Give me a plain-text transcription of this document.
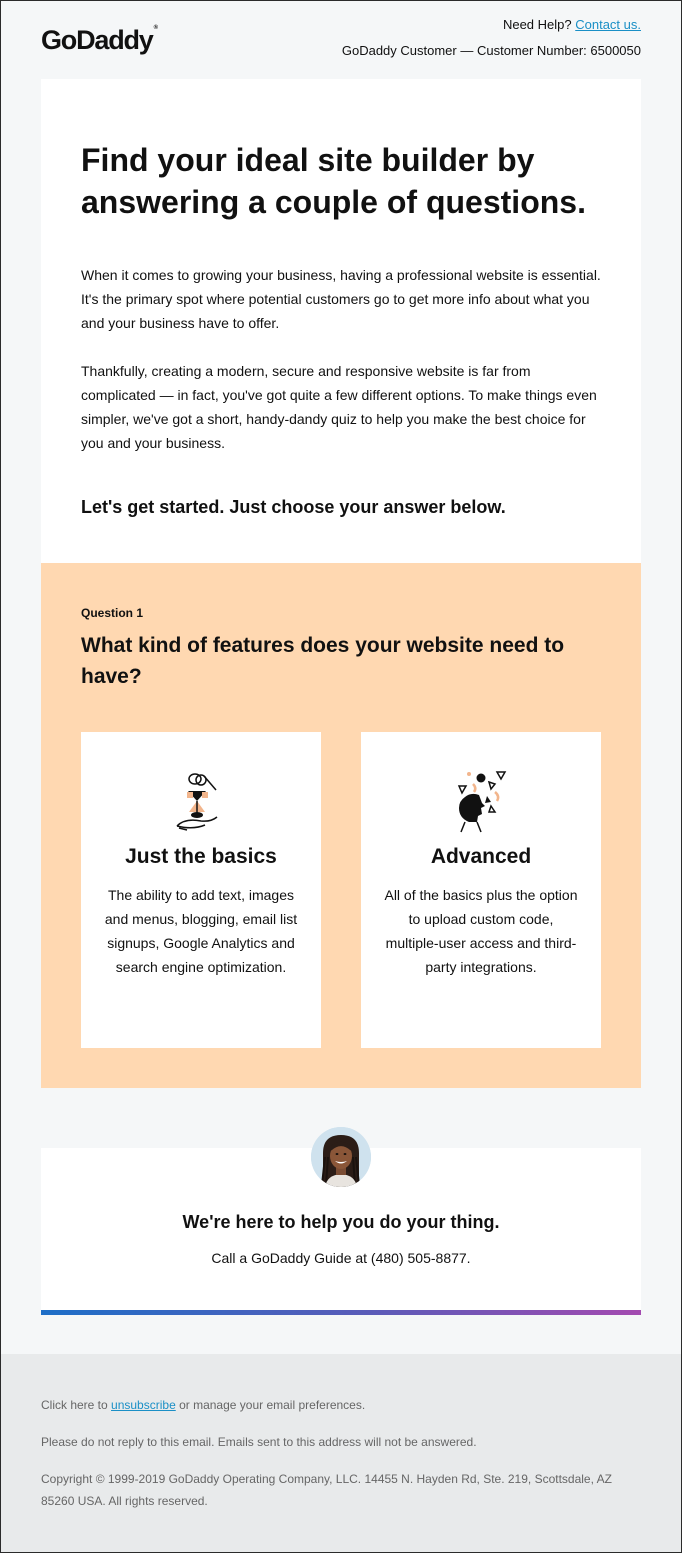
GoDaddy®	Need Help? Contact us.
GoDaddy Customer — Customer Number: 6500050
Find your ideal site builder by answering a couple of questions.

When it comes to growing your business, having a professional website is essential. It's the primary spot where potential customers go to get more info about what you and your business have to offer.

Thankfully, creating a modern, secure and responsive website is far from complicated — in fact, you've got quite a few different options. To make things even simpler, we've got a short, handy-dandy quiz to help you make the best choice for you and your business.

Let's get started. Just choose your answer below.

Question 1
What kind of features does your website need to have?
Just the basics

The ability to add text, images and menus, blogging, email list signups, Google Analytics and search engine optimization.

Advanced

All of the basics plus the option to upload custom code, multiple-user access and third-party integrations.

We're here to help you do your thing.
Call a GoDaddy Guide at (480) 505-8877.

Click here to unsubscribe or manage your email preferences.

Please do not reply to this email. Emails sent to this address will not be answered.

Copyright © 1999-2019 GoDaddy Operating Company, LLC. 14455 N. Hayden Rd, Ste. 219, Scottsdale, AZ 85260 USA. All rights reserved.
